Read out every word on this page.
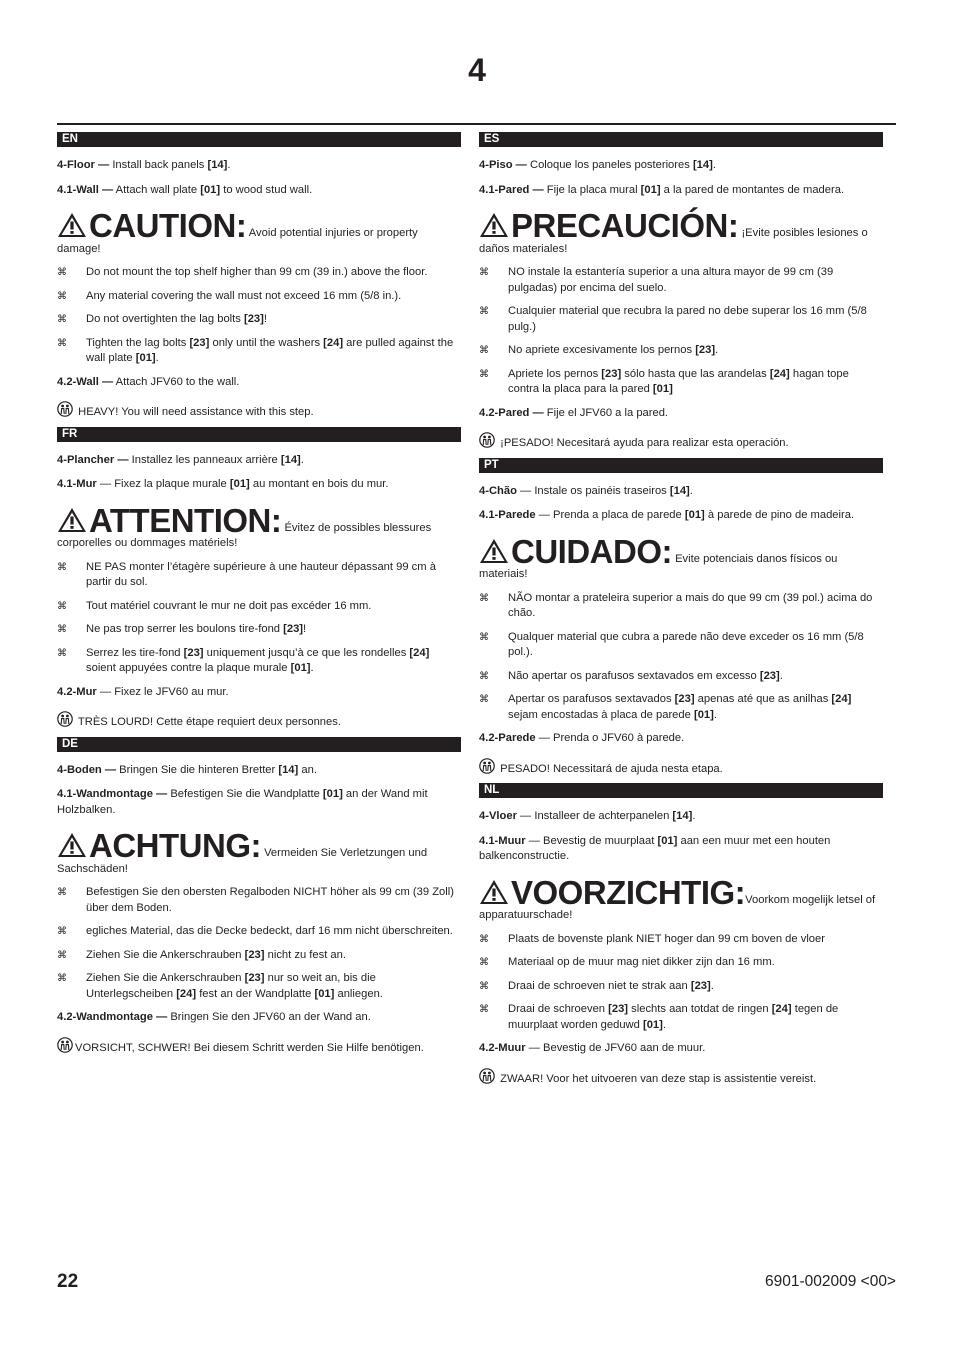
4
EN

4-Floor — Install back panels [14].

4.1-Wall — Attach wall plate [01] to wood stud wall.

CAUTION: Avoid potential injuries or property damage!
⌘ Do not mount the top shelf higher than 99 cm (39 in.) above the floor.
⌘ Any material covering the wall must not exceed 16 mm (5/8 in.).
⌘ Do not overtighten the lag bolts [23]!
⌘ Tighten the lag bolts [23] only until the washers [24] are pulled against the wall plate [01].

4.2-Wall — Attach JFV60 to the wall.

HEAVY! You will need assistance with this step.

FR

4-Plancher — Installez les panneaux arrière [14].

4.1-Mur — Fixez la plaque murale [01] au montant en bois du mur.

ATTENTION: Évitez de possibles blessures corporelles ou dommages matériels!
⌘ NE PAS monter l’étagère supérieure à une hauteur dépassant 99 cm à partir du sol.
⌘ Tout matériel couvrant le mur ne doit pas excéder 16 mm.
⌘ Ne pas trop serrer les boulons tire-fond [23]!
⌘ Serrez les tire-fond [23] uniquement jusqu’à ce que les rondelles [24] soient appuyées contre la plaque murale [01].

4.2-Mur — Fixez le JFV60 au mur.

TRÈS LOURD! Cette étape requiert deux personnes.

DE

4-Boden — Bringen Sie die hinteren Bretter [14] an.

4.1-Wandmontage — Befestigen Sie die Wandplatte [01] an der Wand mit Holzbalken.

ACHTUNG: Vermeiden Sie Verletzungen und Sachschäden!
⌘ Befestigen Sie den obersten Regalboden NICHT höher als 99 cm (39 Zoll) über dem Boden.
⌘ egliches Material, das die Decke bedeckt, darf 16 mm nicht überschreiten.
⌘ Ziehen Sie die Ankerschrauben [23] nicht zu fest an.
⌘ Ziehen Sie die Ankerschrauben [23] nur so weit an, bis die Unterlegscheiben [24] fest an der Wandplatte [01] anliegen.

4.2-Wandmontage — Bringen Sie den JFV60 an der Wand an.

VORSICHT, SCHWER! Bei diesem Schritt werden Sie Hilfe benötigen.

ES

4-Piso — Coloque los paneles posteriores [14].

4.1-Pared — Fije la placa mural [01] a la pared de montantes de madera.

PRECAUCIÓN: ¡Evite posibles lesiones o daños materiales!
⌘ NO instale la estantería superior a una altura mayor de 99 cm (39 pulgadas) por encima del suelo.
⌘ Cualquier material que recubra la pared no debe superar los 16 mm (5/8 pulg.)
⌘ No apriete excesivamente los pernos [23].
⌘ Apriete los pernos [23] sólo hasta que las arandelas [24] hagan tope contra la placa para la pared [01]

4.2-Pared — Fije el JFV60 a la pared.

¡PESADO! Necesitará ayuda para realizar esta operación.

PT

4-Chão — Instale os painéis traseiros [14].

4.1-Parede — Prenda a placa de parede [01] à parede de pino de madeira.

CUIDADO: Evite potenciais danos físicos ou materiais!
⌘ NÃO montar a prateleira superior a mais do que 99 cm (39 pol.) acima do chão.
⌘ Qualquer material que cubra a parede não deve exceder os 16 mm (5/8 pol.).
⌘ Não apertar os parafusos sextavados em excesso [23].
⌘ Apertar os parafusos sextavados [23] apenas até que as anilhas [24] sejam encostadas à placa de parede [01].

4.2-Parede — Prenda o JFV60 à parede.

PESADO! Necessitará de ajuda nesta etapa.

NL

4-Vloer — Installeer de achterpanelen [14].

4.1-Muur — Bevestig de muurplaat [01] aan een muur met een houten balkenconstructie.

VOORZICHTIG:Voorkom mogelijk letsel of apparatuurschade!
⌘ Plaats de bovenste plank NIET hoger dan 99 cm boven de vloer
⌘ Materiaal op de muur mag niet dikker zijn dan 16 mm.
⌘ Draai de schroeven niet te strak aan [23].
⌘ Draai de schroeven [23] slechts aan totdat de ringen [24] tegen de muurplaat worden geduwd [01].

4.2-Muur — Bevestig de JFV60 aan de muur.

ZWAAR! Voor het uitvoeren van deze stap is assistentie vereist.

22	6901-002009 <00>
